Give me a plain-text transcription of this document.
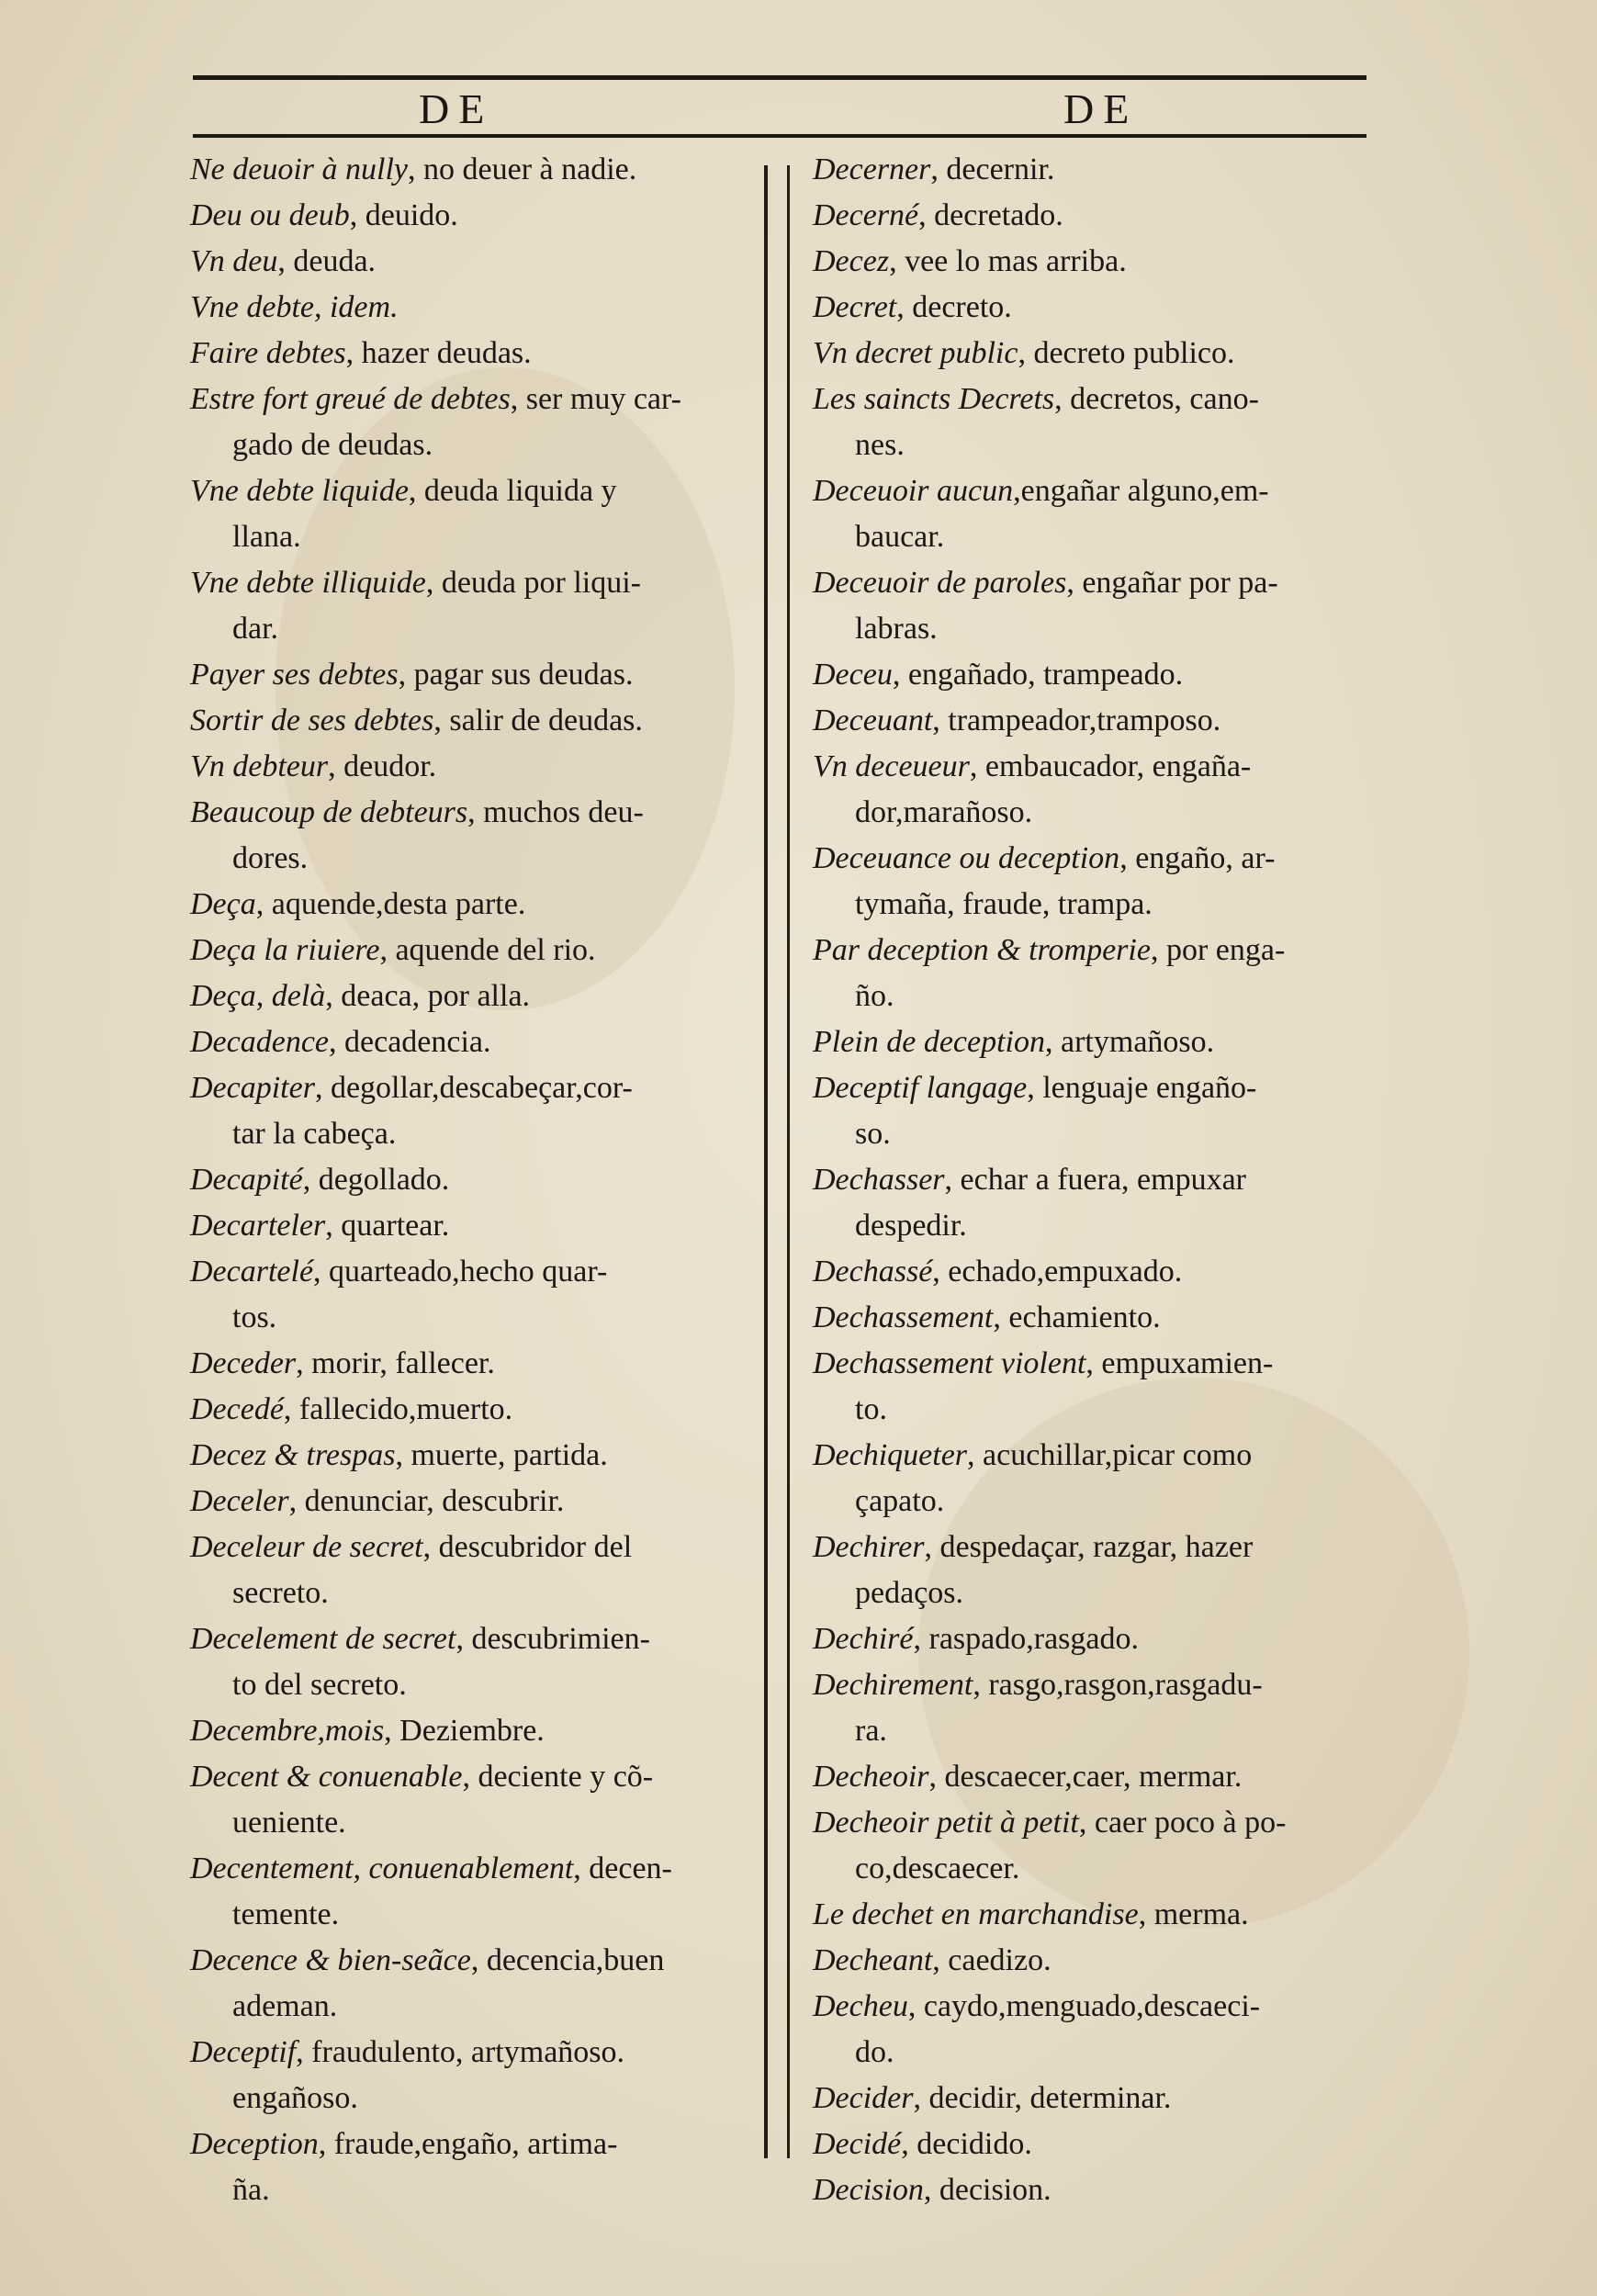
DE	DE
Ne deuoir à nully, no deuer à nadie.
Deu ou deub, deuido.
Vn deu, deuda.
Vne debte, idem.
Faire debtes, hazer deudas.
Estre fort greué de debtes, ser muy car-
gado de deudas.
Vne debte liquide, deuda liquida y
llana.
Vne debte illiquide, deuda por liqui-
dar.
Payer ses debtes, pagar sus deudas.
Sortir de ses debtes, salir de deudas.
Vn debteur, deudor.
Beaucoup de debteurs, muchos deu-
dores.
Deça, aquende,desta parte.
Deça la riuiere, aquende del rio.
Deça, delà, deaca, por alla.
Decadence, decadencia.
Decapiter, degollar,descabeçar,cor-
tar la cabeça.
Decapité, degollado.
Decarteler, quartear.
Decartelé, quarteado,hecho quar-
tos.
Deceder, morir, fallecer.
Decedé, fallecido,muerto.
Decez & trespas, muerte, partida.
Deceler, denunciar, descubrir.
Deceleur de secret, descubridor del
secreto.
Decelement de secret, descubrimien-
to del secreto.
Decembre,mois, Deziembre.
Decent & conuenable, deciente y cõ-
ueniente.
Decentement, conuenablement, decen-
temente.
Decence & bien-seãce, decencia,buen
ademan.
Deceptif, fraudulento, artymañoso.
engañoso.
Deception, fraude,engaño, artima-
ña.
Decerner, decernir.
Decerné, decretado.
Decez, vee lo mas arriba.
Decret, decreto.
Vn decret public, decreto publico.
Les saincts Decrets, decretos, cano-
nes.
Deceuoir aucun,engañar alguno,em-
baucar.
Deceuoir de paroles, engañar por pa-
labras.
Deceu, engañado, trampeado.
Deceuant, trampeador,tramposo.
Vn deceueur, embaucador, engaña-
dor,marañoso.
Deceuance ou deception, engaño, ar-
tymaña, fraude, trampa.
Par deception & tromperie, por enga-
ño.
Plein de deception, artymañoso.
Deceptif langage, lenguaje engaño-
so.
Dechasser, echar a fuera, empuxar
despedir.
Dechassé, echado,empuxado.
Dechassement, echamiento.
Dechassement violent, empuxamien-
to.
Dechiqueter, acuchillar,picar como
çapato.
Dechirer, despedaçar, razgar, hazer
pedaços.
Dechiré, raspado,rasgado.
Dechirement, rasgo,rasgon,rasgadu-
ra.
Decheoir, descaecer,caer, mermar.
Decheoir petit à petit, caer poco à po-
co,descaecer.
Le dechet en marchandise, merma.
Decheant, caedizo.
Decheu, caydo,menguado,descaeci-
do.
Decider, decidir, determinar.
Decidé, decidido.
Decision, decision.
